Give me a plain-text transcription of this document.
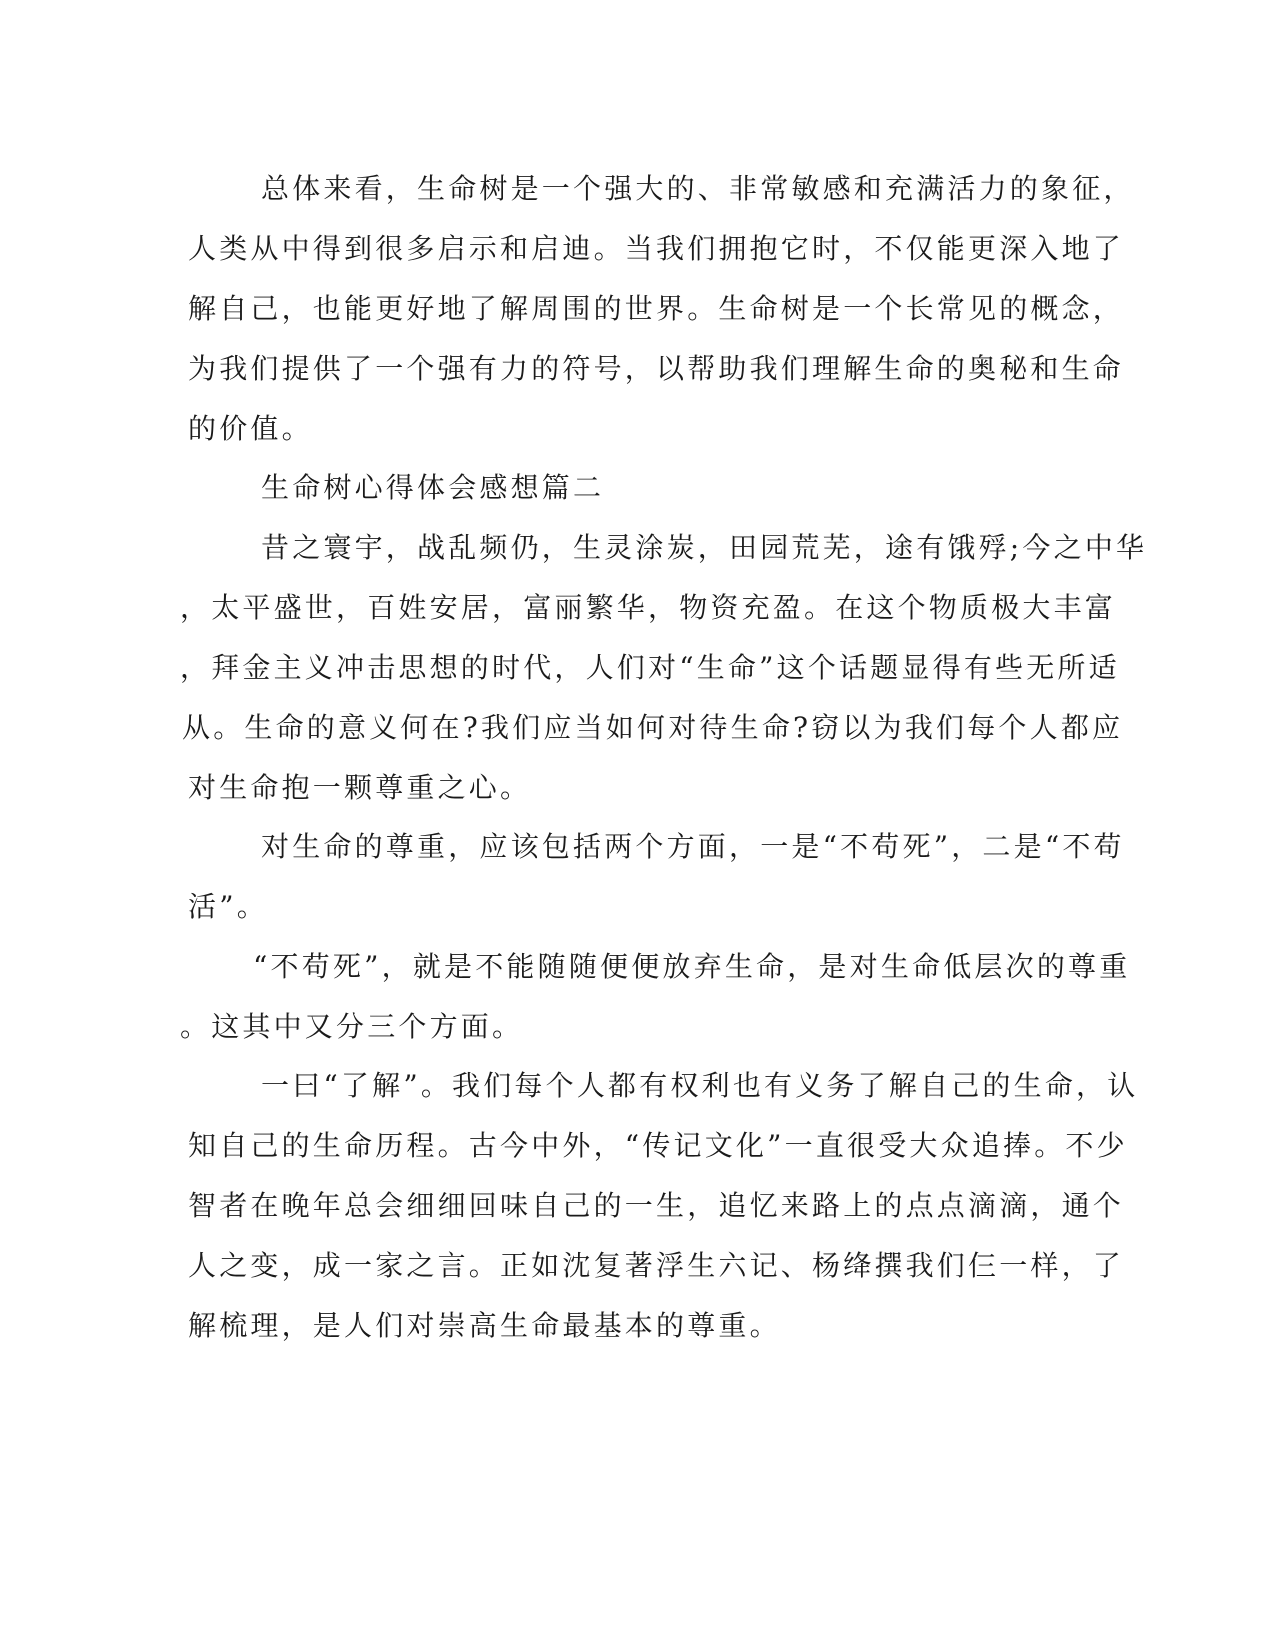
总体来看，生命树是一个强大的、非常敏感和充满活力的象征，
人类从中得到很多启示和启迪。当我们拥抱它时，不仅能更深入地了
解自己，也能更好地了解周围的世界。生命树是一个长常见的概念，
为我们提供了一个强有力的符号，以帮助我们理解生命的奥秘和生命
的价值。
生命树心得体会感想篇二
昔之寰宇，战乱频仍，生灵涂炭，田园荒芜，途有饿殍;今之中华
，太平盛世，百姓安居，富丽繁华，物资充盈。在这个物质极大丰富
，拜金主义冲击思想的时代，人们对“生命”这个话题显得有些无所适
从。生命的意义何在?我们应当如何对待生命?窃以为我们每个人都应
对生命抱一颗尊重之心。
对生命的尊重，应该包括两个方面，一是“不苟死”，二是“不苟
活”。
“不苟死”，就是不能随随便便放弃生命，是对生命低层次的尊重
。这其中又分三个方面。
一曰“了解”。我们每个人都有权利也有义务了解自己的生命，认
知自己的生命历程。古今中外，“传记文化”一直很受大众追捧。不少
智者在晚年总会细细回味自己的一生，追忆来路上的点点滴滴，通个
人之变，成一家之言。正如沈复著浮生六记、杨绛撰我们仨一样，了
解梳理，是人们对崇高生命最基本的尊重。
